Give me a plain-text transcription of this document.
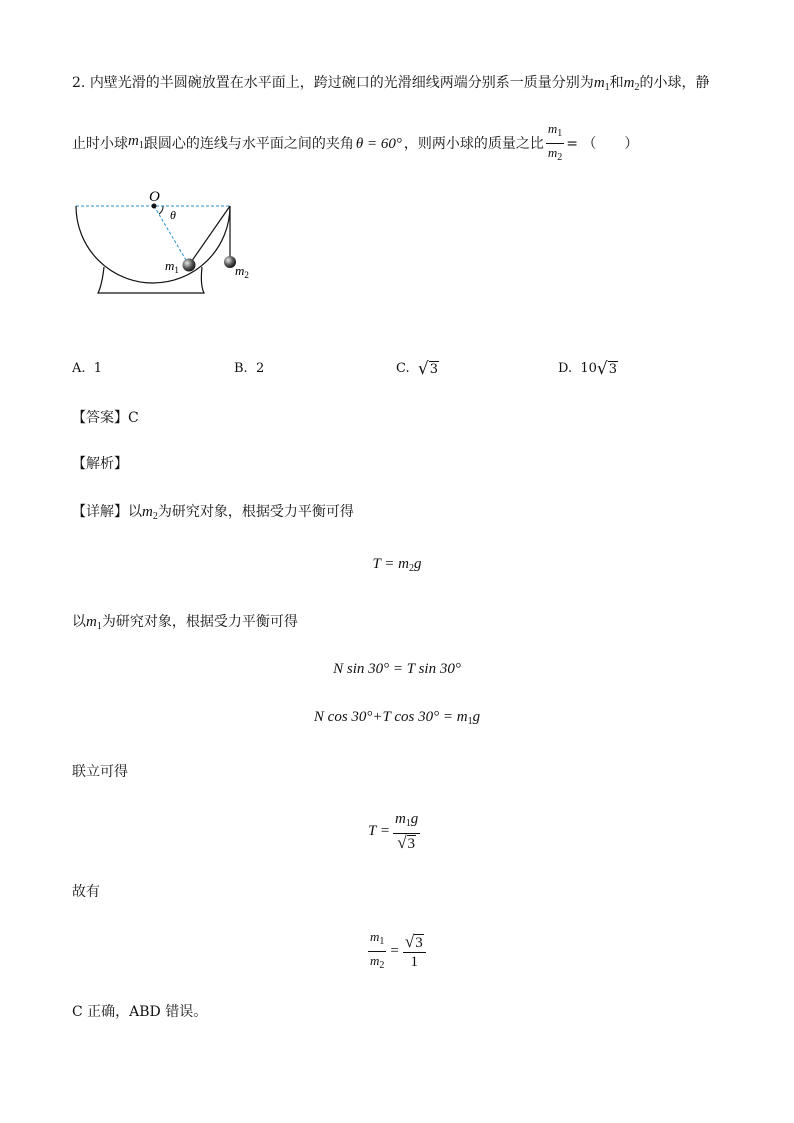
2. 内壁光滑的半圆碗放置在水平面上，跨过碗口的光滑细线两端分别系一质量分别为$m_1$和$m_2$的小球，静
止时小球 $m_1$ 跟圆心的连线与水平面之间的夹角 θ = 60° ，则两小球的质量之比 $\frac{m_1}{m_2}$ = （　　）
O
θ
$m_1$	$m_2$
A. 1	B. 2	C.
√ 3	D.
10 √ 3
【答案】C
【解析】
【详解】以$m_2$为研究对象，根据受力平衡可得
$T = m_2g$
以$m_1$为研究对象，根据受力平衡可得
N sin 30° = T sin 30°
N cos 30°+T $\cos 30^\circ = m_1g$
联立可得
$T = \frac{m_1g}{√ 3}$
故有
$\frac{m_1}{m_2} = \frac{√ 3}{1}$
C 正确，ABD 错误。
